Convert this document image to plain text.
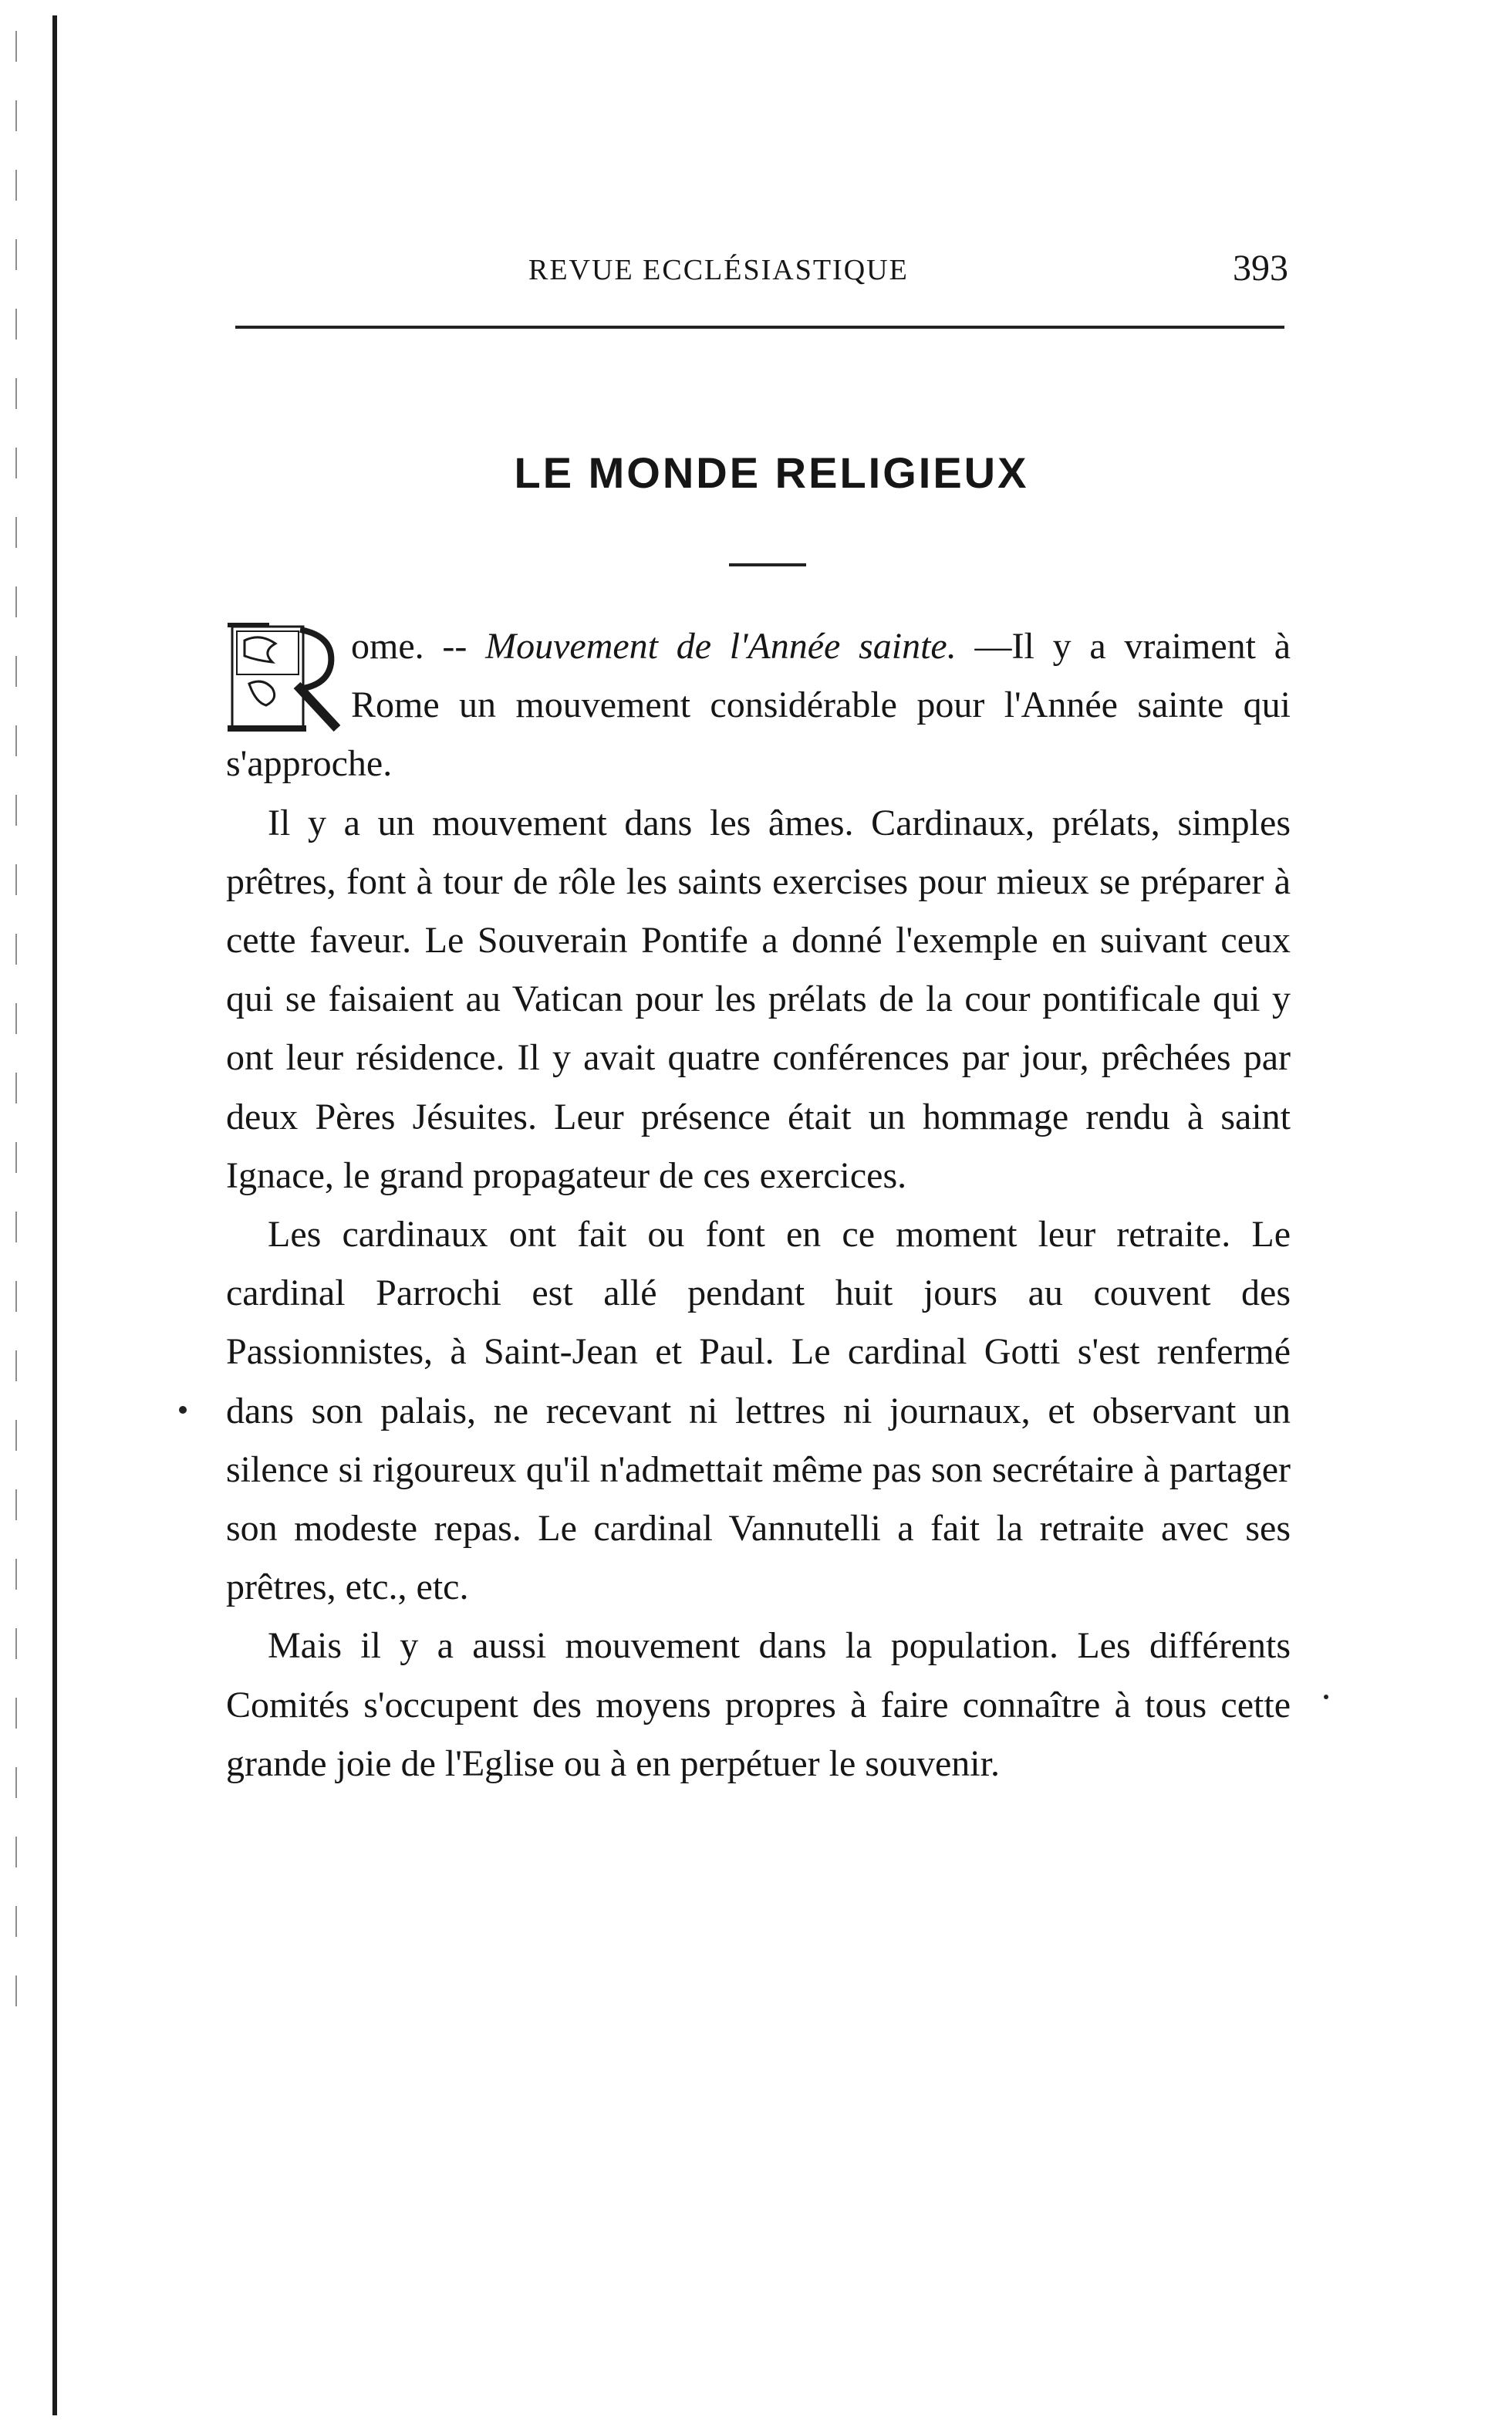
REVUE ECCLÉSIASTIQUE	393
LE MONDE RELIGIEUX

ome. -- Mouvement de l'Année sainte. —Il y a vraiment à Rome un mouvement considérable pour l'Année sainte qui s'approche.

Il y a un mouvement dans les âmes. Cardinaux, prélats, simples prêtres, font à tour de rôle les saints exercises pour mieux se préparer à cette faveur. Le Souverain Pontife a donné l'exemple en suivant ceux qui se faisaient au Vatican pour les prélats de la cour pontificale qui y ont leur résidence. Il y avait quatre conférences par jour, prêchées par deux Pères Jésuites. Leur présence était un hommage rendu à saint Ignace, le grand propagateur de ces exercices.

Les cardinaux ont fait ou font en ce moment leur retraite. Le cardinal Parrochi est allé pendant huit jours au couvent des Passionnistes, à Saint-Jean et Paul. Le cardinal Gotti s'est renfermé dans son palais, ne recevant ni lettres ni journaux, et observant un silence si rigoureux qu'il n'admettait même pas son secrétaire à partager son modeste repas. Le cardinal Vannutelli a fait la retraite avec ses prêtres, etc., etc.

Mais il y a aussi mouvement dans la population. Les différents Comités s'occupent des moyens propres à faire connaître à tous cette grande joie de l'Eglise ou à en perpétuer le souvenir.
